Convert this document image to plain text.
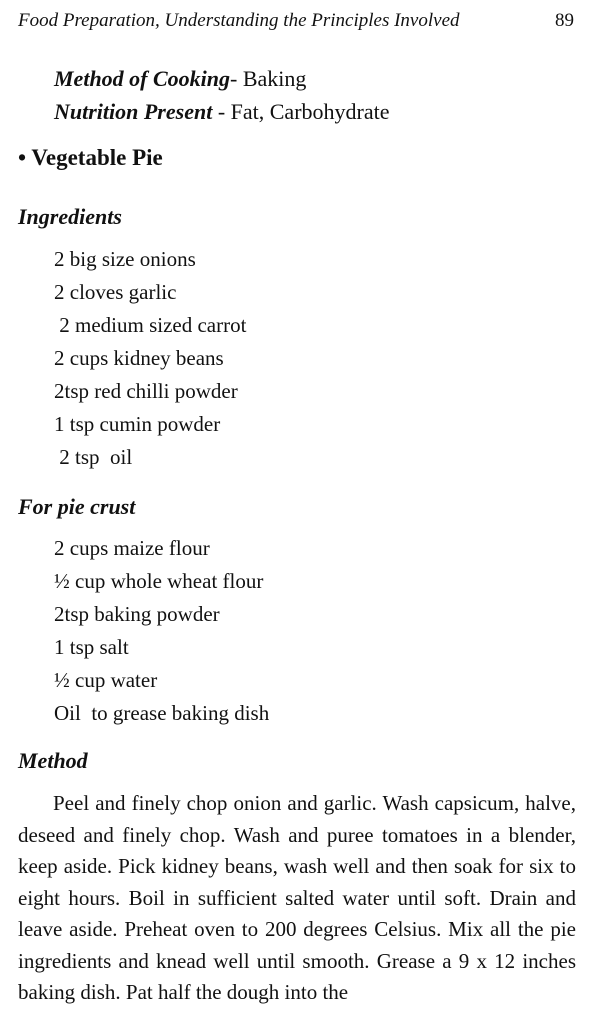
Food Preparation, Understanding the Principles Involved	89
Method of Cooking- Baking
Nutrition Present - Fat, Carbohydrate
• Vegetable Pie
Ingredients
2 big size onions
2 cloves garlic
2 medium sized carrot
2 cups kidney beans
2tsp red chilli powder
1 tsp cumin powder
2 tsp  oil
For pie crust
2 cups maize flour
½ cup whole wheat flour
2tsp baking powder
1 tsp salt
½ cup water
Oil  to grease baking dish
Method

Peel and finely chop onion and garlic. Wash capsicum, halve, deseed and finely chop. Wash and puree tomatoes in a blender, keep aside. Pick kidney beans, wash well and then soak for six to eight hours. Boil in sufficient salted water until soft. Drain and leave aside. Preheat oven to 200 degrees Celsius. Mix all the pie ingredients and knead well until smooth. Grease a 9 x 12 inches baking dish. Pat half the dough into the
